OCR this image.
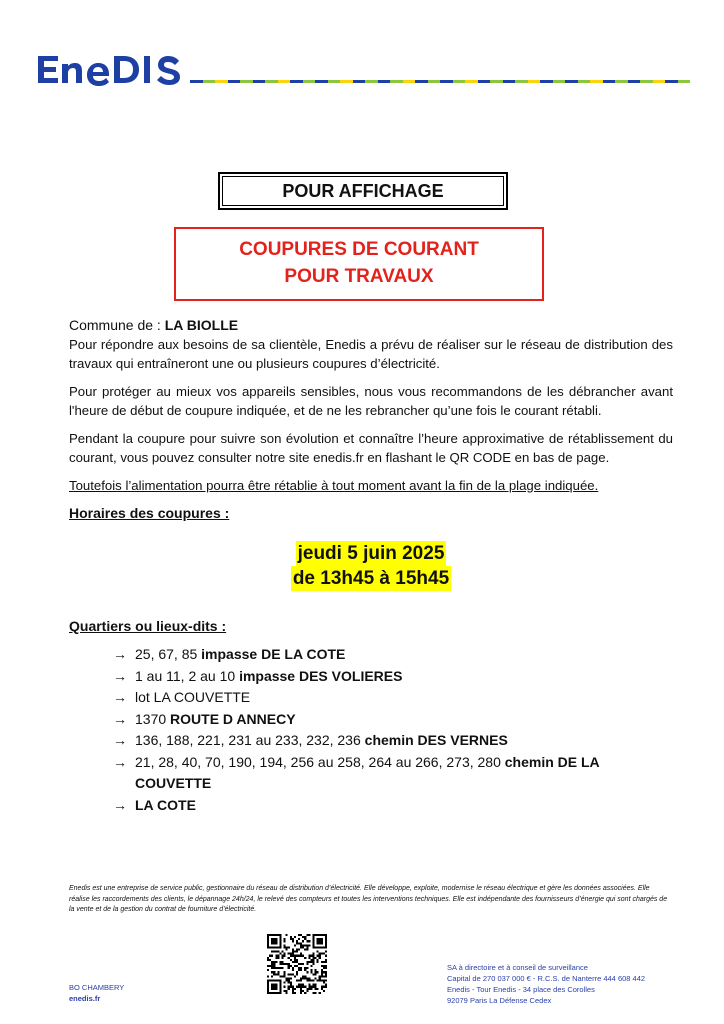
POUR AFFICHAGE
COUPURES DE COURANT
POUR TRAVAUX
Commune de : LA BIOLLE

Pour répondre aux besoins de sa clientèle, Enedis a prévu de réaliser sur le réseau de distribution des travaux qui entraîneront une ou plusieurs coupures d’électricité.

Pour protéger au mieux vos appareils sensibles, nous vous recommandons de les débrancher avant l'heure de début de coupure indiquée, et de ne les rebrancher qu’une fois le courant rétabli.

Pendant la coupure pour suivre son évolution et connaître l’heure approximative de rétablissement du courant, vous pouvez consulter notre site enedis.fr en flashant le QR CODE en bas de page.

Toutefois l’alimentation pourra être rétablie à tout moment avant la fin de la plage indiquée.

Horaires des coupures :
jeudi 5 juin 2025
de 13h45 à 15h45
Quartiers ou lieux-dits :
→ 25, 67, 85 impasse DE LA COTE
→ 1 au 11, 2 au 10 impasse DES VOLIERES
→ lot LA COUVETTE
→ 1370 ROUTE D ANNECY
→ 136, 188, 221, 231 au 233, 232, 236 chemin DES VERNES
→ 21, 28, 40, 70, 190, 194, 256 au 258, 264 au 266, 273, 280 chemin DE LA COUVETTE
→ LA COTE
Enedis est une entreprise de service public, gestionnaire du réseau de distribution d’électricité. Elle développe, exploite, modernise le réseau électrique et gère les données associées. Elle réalise les raccordements des clients, le dépannage 24h/24, le relevé des compteurs et toutes les interventions techniques. Elle est indépendante des fournisseurs d’énergie qui sont chargés de la vente et de la gestion du contrat de fourniture d’électricité.
BO CHAMBERY
enedis.fr
SA à directoire et à conseil de surveillance
Capital de 270 037 000 € - R.C.S. de Nanterre 444 608 442
Enedis - Tour Enedis - 34 place des Corolles
92079 Paris La Défense Cedex
